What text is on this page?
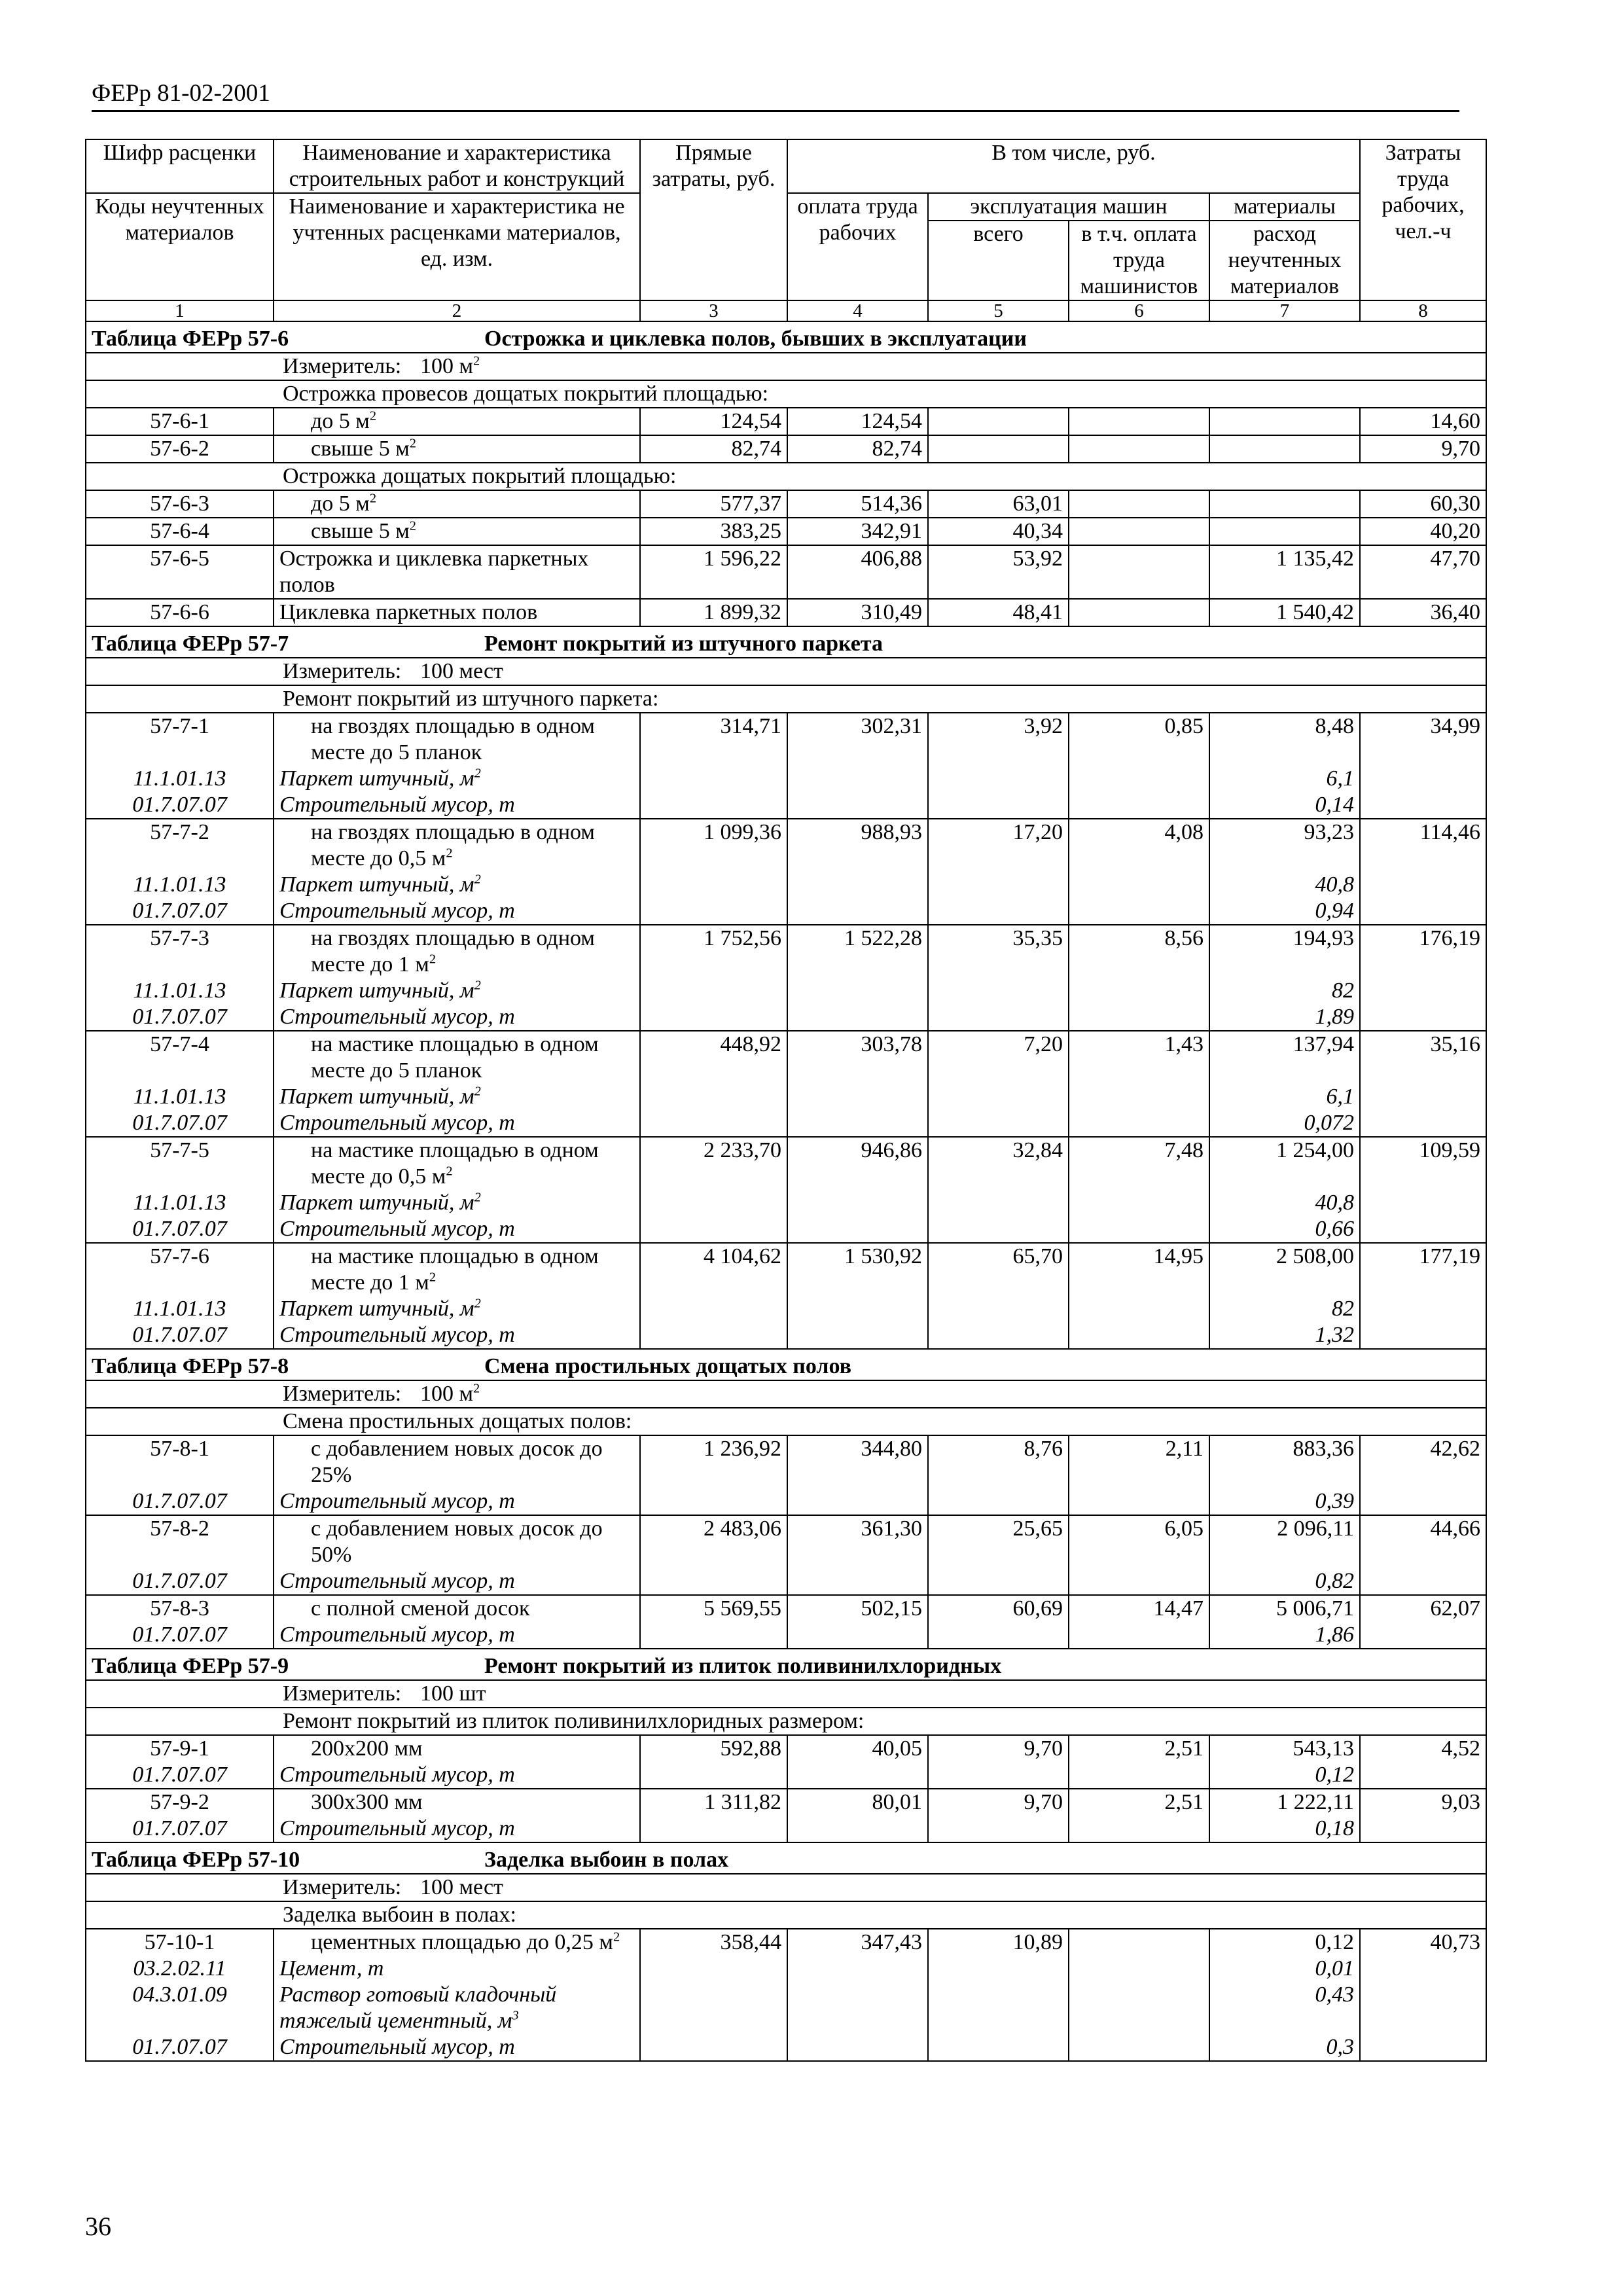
ФЕРр 81-02-2001
Шифр расценки	Наименование и характеристика строительных работ и конструкций	Прямые затраты, руб.	В том числе, руб.				Затраты труда рабочих, чел.-ч
Коды неучтенных материалов	Наименование и характеристика не учтенных расценками материалов, ед. изм.		оплата труда рабочих	эксплуатация машин		материалы	
				всего	в т.ч. оплата труда машинистов	расход неучтенных материалов	
1	2	3	4	5	6	7	8
Таблица ФЕРр 57-6 Острожка и циклевка полов, бывших в эксплуатации							
Измеритель: 100 $м^2$
Острожка провесов дощатых покрытий площадью:							
57-6-1	до 5 $м^2$	124,54	124,54				14,60
57-6-2	свыше 5 $м^2$	82,74	82,74				9,70
Острожка дощатых покрытий площадью:							
57-6-3	до 5 $м^2$	577,37	514,36	63,01			60,30
57-6-4	свыше 5 $м^2$	383,25	342,91	40,34			40,20
57-6-5	Острожка и циклевка паркетных полов	1 596,22	406,88	53,92		1 135,42	47,70
57-6-6	Циклевка паркетных полов	1 899,32	310,49	48,41		1 540,42	36,40
Таблица ФЕРр 57-7 Ремонт покрытий из штучного паркета							
Измеритель: 100 мест							
Ремонт покрытий из штучного паркета:							
57-7-1	на гвоздях площадью в одном месте до 5 планок	314,71	302,31	3,92	0,85	8,48	34,99
11.1.01.13	Паркет штучный, $м^2$					6,1	
01.7.07.07	Строительный мусор, т					0,14	
57-7-2	на гвоздях площадью в одном месте до 0,5 $м^2$	1 099,36	988,93	17,20	4,08	93,23	114,46
11.1.01.13	Паркет штучный, $м^2$					40,8	
01.7.07.07	Строительный мусор, т					0,94	
57-7-3	на гвоздях площадью в одном месте до 1 $м^2$	1 752,56	1 522,28	35,35	8,56	194,93	176,19
11.1.01.13	Паркет штучный, $м^2$					82	
01.7.07.07	Строительный мусор, т					1,89	
57-7-4	на мастике площадью в одном месте до 5 планок	448,92	303,78	7,20	1,43	137,94	35,16
11.1.01.13	Паркет штучный, $м^2$					6,1	
01.7.07.07	Строительный мусор, т					0,072	
57-7-5	на мастике площадью в одном месте до 0,5 $м^2$	2 233,70	946,86	32,84	7,48	1 254,00	109,59
11.1.01.13	Паркет штучный, $м^2$					40,8	
01.7.07.07	Строительный мусор, т					0,66	
57-7-6	на мастике площадью в одном месте до 1 $м^2$	4 104,62	1 530,92	65,70	14,95	2 508,00	177,19
11.1.01.13	Паркет штучный, $м^2$					82	
01.7.07.07	Строительный мусор, т					1,32	
Таблица ФЕРр 57-8 Смена простильных дощатых полов							
Измеритель: 100 $м^2$
Смена простильных дощатых полов:							
57-8-1	с добавлением новых досок до 25%	1 236,92	344,80	8,76	2,11	883,36	42,62
01.7.07.07	Строительный мусор, т					0,39	
57-8-2	с добавлением новых досок до 50%	2 483,06	361,30	25,65	6,05	2 096,11	44,66
01.7.07.07	Строительный мусор, т					0,82	
57-8-3	с полной сменой досок	5 569,55	502,15	60,69	14,47	5 006,71	62,07
01.7.07.07	Строительный мусор, т					1,86	
Таблица ФЕРр 57-9 Ремонт покрытий из плиток поливинилхлоридных							
Измеритель: 100 шт							
Ремонт покрытий из плиток поливинилхлоридных размером:							
57-9-1	200х200 мм	592,88	40,05	9,70	2,51	543,13	4,52
01.7.07.07	Строительный мусор, т					0,12	
57-9-2	300х300 мм	1 311,82	80,01	9,70	2,51	1 222,11	9,03
01.7.07.07	Строительный мусор, т					0,18	
Таблица ФЕРр 57-10 Заделка выбоин в полах							
Измеритель: 100 мест							
Заделка выбоин в полах:							
57-10-1	цементных площадью до 0,25 $м^2$	358,44	347,43	10,89		0,12	40,73
03.2.02.11	Цемент, т					0,01	
04.3.01.09	Раствор готовый кладочный тяжелый цементный, $м^3$					0,43	
01.7.07.07	Строительный мусор, т					0,3	
36
